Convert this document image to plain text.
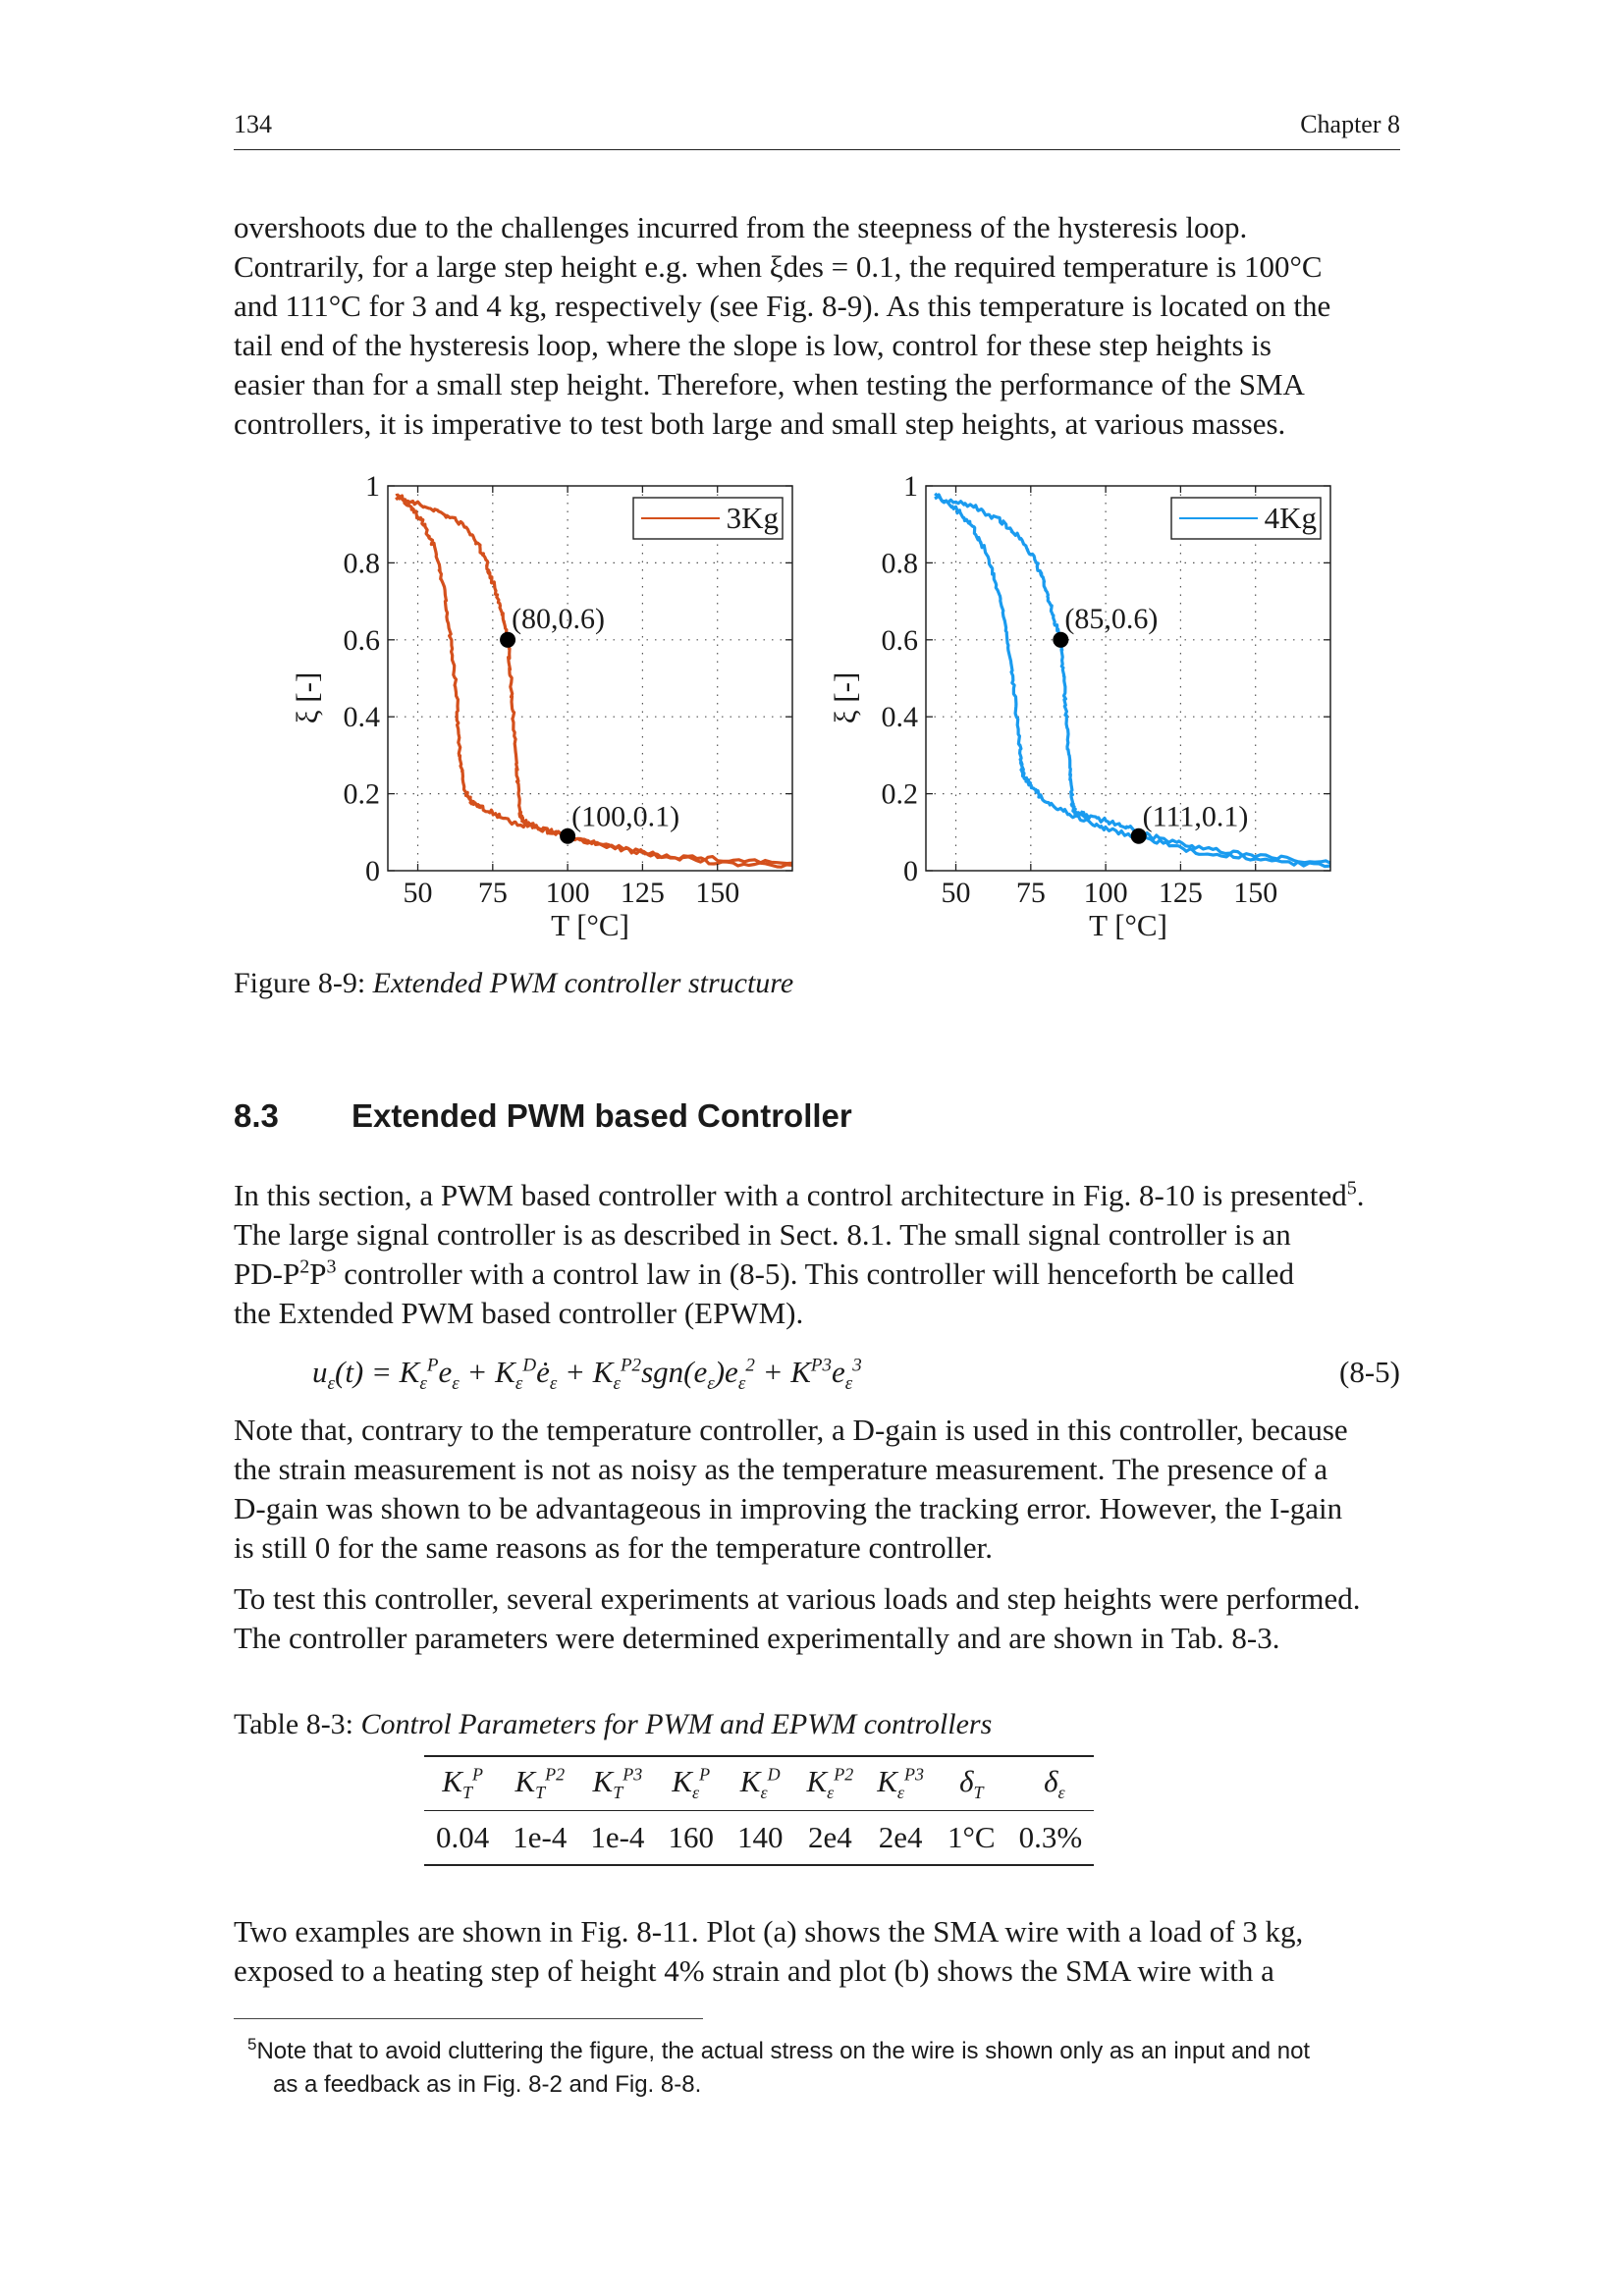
134	Chapter 8
overshoots due to the challenges incurred from the steepness of the hysteresis loop.
Contrarily, for a large step height e.g. when ξdes = 0.1, the required temperature is 100°C
and 111°C for 3 and 4 kg, respectively (see Fig. 8-9). As this temperature is located on the
tail end of the hysteresis loop, where the slope is low, control for these step heights is
easier than for a small step height. Therefore, when testing the performance of the SMA
controllers, it is imperative to test both large and small step heights, at various masses.
50 75 100 125 150
0
0.2
0.4
0.6
0.8
1
T [°C]
ξ [-]
3Kg
(80,0.6)
(100,0.1)
50 75 100 125 150
0
0.2
0.4
0.6
0.8
1
T [°C]
ξ [-]
4Kg
(85,0.6)
(111,0.1)
Figure 8-9: Extended PWM controller structure
8.3 Extended PWM based Controller
In this section, a PWM based controller with a control architecture in Fig. 8-10 is presented$^5$.
The large signal controller is as described in Sect. 8.1. The small signal controller is an
$PD-P^2P^3$ controller with a control law in (8-5). This controller will henceforth be called
the Extended PWM based controller (EPWM).
$u_\varepsilon(t) = K_\varepsilon^Pe_\varepsilon$ + $K_\varepsilon^Dė_\varepsilon + K_\varepsilon^{P2}sgn(e_\varepsilon)e_\varepsilon^2 + K^{P3}e_\varepsilon^3$	(8-5)
Note that, contrary to the temperature controller, a D-gain is used in this controller, because
the strain measurement is not as noisy as the temperature measurement. The presence of a
D-gain was shown to be advantageous in improving the tracking error. However, the I-gain
is still 0 for the same reasons as for the temperature controller.
To test this controller, several experiments at various loads and step heights were performed.
The controller parameters were determined experimentally and are shown in Tab. 8-3.
Table 8-3: Control Parameters for PWM and EPWM controllers
$K_T^P$	$K_T^{P2}$	$K_T^{P3}$	$K_\varepsilon^P$	$K_\varepsilon^D$	$K_\varepsilon^{P2}$	$K_\varepsilon^{P3}$	$\delta_T$	$\delta_\varepsilon$
0.04	1e-4	1e-4	160	140	2e4	2e4	1°C	0.3%
Two examples are shown in Fig. 8-11. Plot (a) shows the SMA wire with a load of 3 kg,
exposed to a heating step of height 4% strain and plot (b) shows the SMA wire with a
$^5$Note that to avoid cluttering the figure, the actual stress on the wire is shown only as an input and not
as a feedback as in Fig. 8-2 and Fig. 8-8.
